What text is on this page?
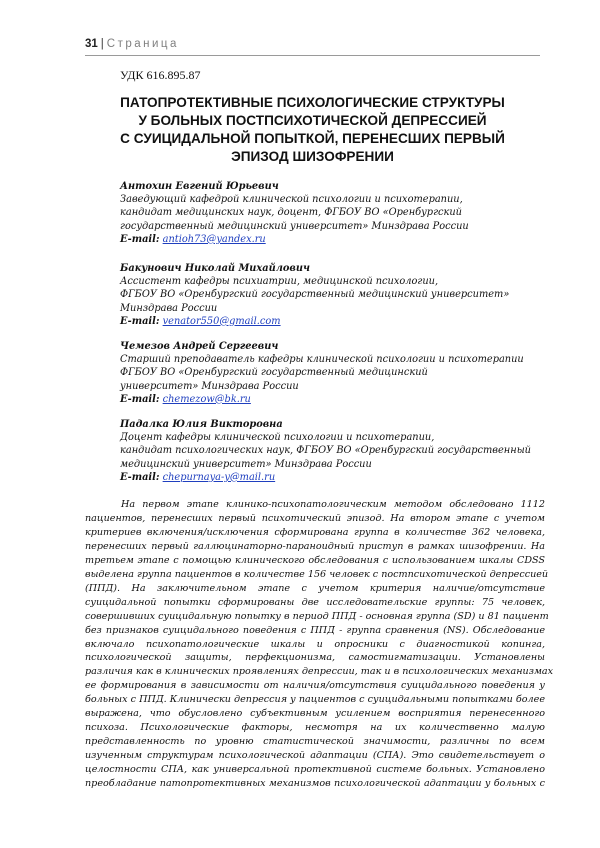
31 | Страница
УДК 616.895.87
ПАТОПРОТЕКТИВНЫЕ ПСИХОЛОГИЧЕСКИЕ СТРУКТУРЫ
У БОЛЬНЫХ ПОСТПСИХОТИЧЕСКОЙ ДЕПРЕССИЕЙ
С СУИЦИДАЛЬНОЙ ПОПЫТКОЙ, ПЕРЕНЕСШИХ ПЕРВЫЙ
ЭПИЗОД ШИЗОФРЕНИИ
Антохин Евгений Юрьевич
Заведующий кафедрой клинической психологии и психотерапии,
кандидат медицинских наук, доцент, ФГБОУ ВО «Оренбургский
государственный медицинский университет» Минздрава России
E-mail: antioh73@yandex.ru
Бакунович Николай Михайлович
Ассистент кафедры психиатрии, медицинской психологии,
ФГБОУ ВО «Оренбургский государственный медицинский университет»
Минздрава России
E-mail: venator550@gmail.com
Чемезов Андрей Сергеевич
Старший преподаватель кафедры клинической психологии и психотерапии
ФГБОУ ВО «Оренбургский государственный медицинский
университет» Минздрава России
E-mail: chemezow@bk.ru
Падалка Юлия Викторовна
Доцент кафедры клинической психологии и психотерапии,
кандидат психологических наук, ФГБОУ ВО «Оренбургский государственный
медицинский университет» Минздрава России
E-mail: chepurnaya-y@mail.ru
На первом этапе клинико-психопатологическим методом обследовано 1112
пациентов, перенесших первый психотический эпизод. На втором этапе с учетом
критериев включения/исключения сформирована группа в количестве 362 человека,
перенесших первый галлюцинаторно-параноидный приступ в рамках шизофрении. На
третьем этапе с помощью клинического обследования с использованием шкалы CDSS
выделена группа пациентов в количестве 156 человек с постпсихотической депрессией
(ППД). На заключительном этапе с учетом критерия наличие/отсутствие
суицидальной попытки сформированы две исследовательские группы: 75 человек,
совершивших суицидальную попытку в период ППД - основная группа (SD) и 81 пациент
без признаков суицидального поведения с ППД - группа сравнения (NS). Обследование
включало психопатологические шкалы и опросники с диагностикой копинга,
психологической защиты, перфекционизма, самостигматизации. Установлены
различия как в клинических проявлениях депрессии, так и в психологических механизмах
ее формирования в зависимости от наличия/отсутствия суицидального поведения у
больных с ППД. Клинически депрессия у пациентов с суицидальными попытками более
выражена, что обусловлено субъективным усилением восприятия перенесенного
психоза. Психологические факторы, несмотря на их количественно малую
представленность по уровню статистической значимости, различны по всем
изученным структурам психологической адаптации (СПА). Это свидетельствует о
целостности СПА, как универсальной протективной системе больных. Установлено
преобладание патопротективных механизмов психологической адаптации у больных с
